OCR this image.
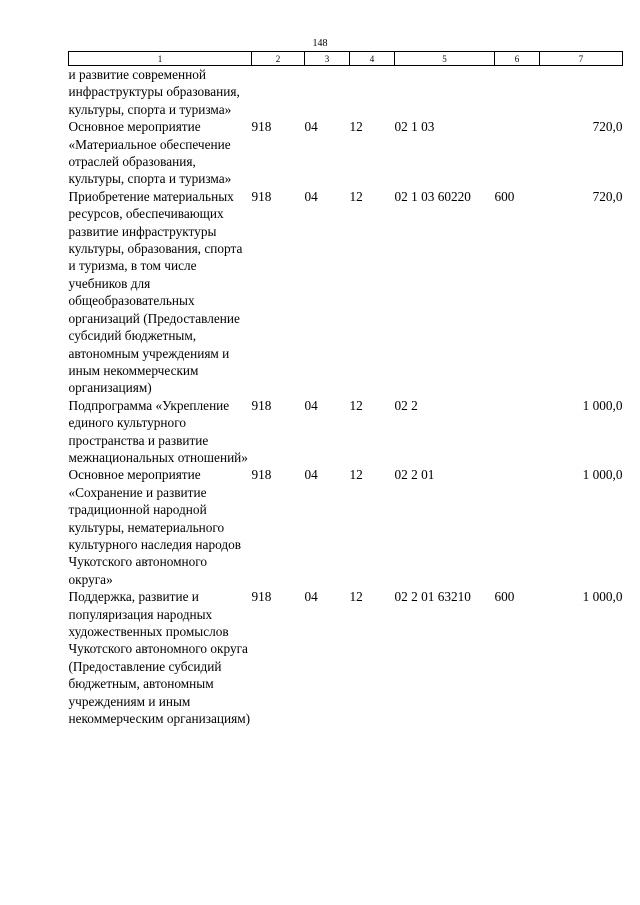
148
1	2	3	4	5	6	7
и развитие современной инфраструктуры образования, культуры, спорта и туризма»						
Основное мероприятие «Материальное обеспечение отраслей образования, культуры, спорта и туризма»	918	04	12	02 1 03		720,0
Приобретение материальных ресурсов, обеспечивающих развитие инфраструктуры культуры, образования, спорта и туризма, в том числе учебников для общеобразовательных организаций (Предоставление субсидий бюджетным, автономным учреждениям и иным некоммерческим организациям)	918	04	12	02 1 03 60220	600	720,0
Подпрограмма «Укрепление единого культурного пространства и развитие межнациональных отношений»	918	04	12	02 2		1 000,0
Основное мероприятие «Сохранение и развитие традиционной народной культуры, нематериального культурного наследия народов Чукотского автономного округа»	918	04	12	02 2 01		1 000,0
Поддержка, развитие и популяризация народных художественных промыслов Чукотского автономного округа (Предоставление субсидий бюджетным, автономным учреждениям и иным некоммерческим организациям)	918	04	12	02 2 01 63210	600	1 000,0
